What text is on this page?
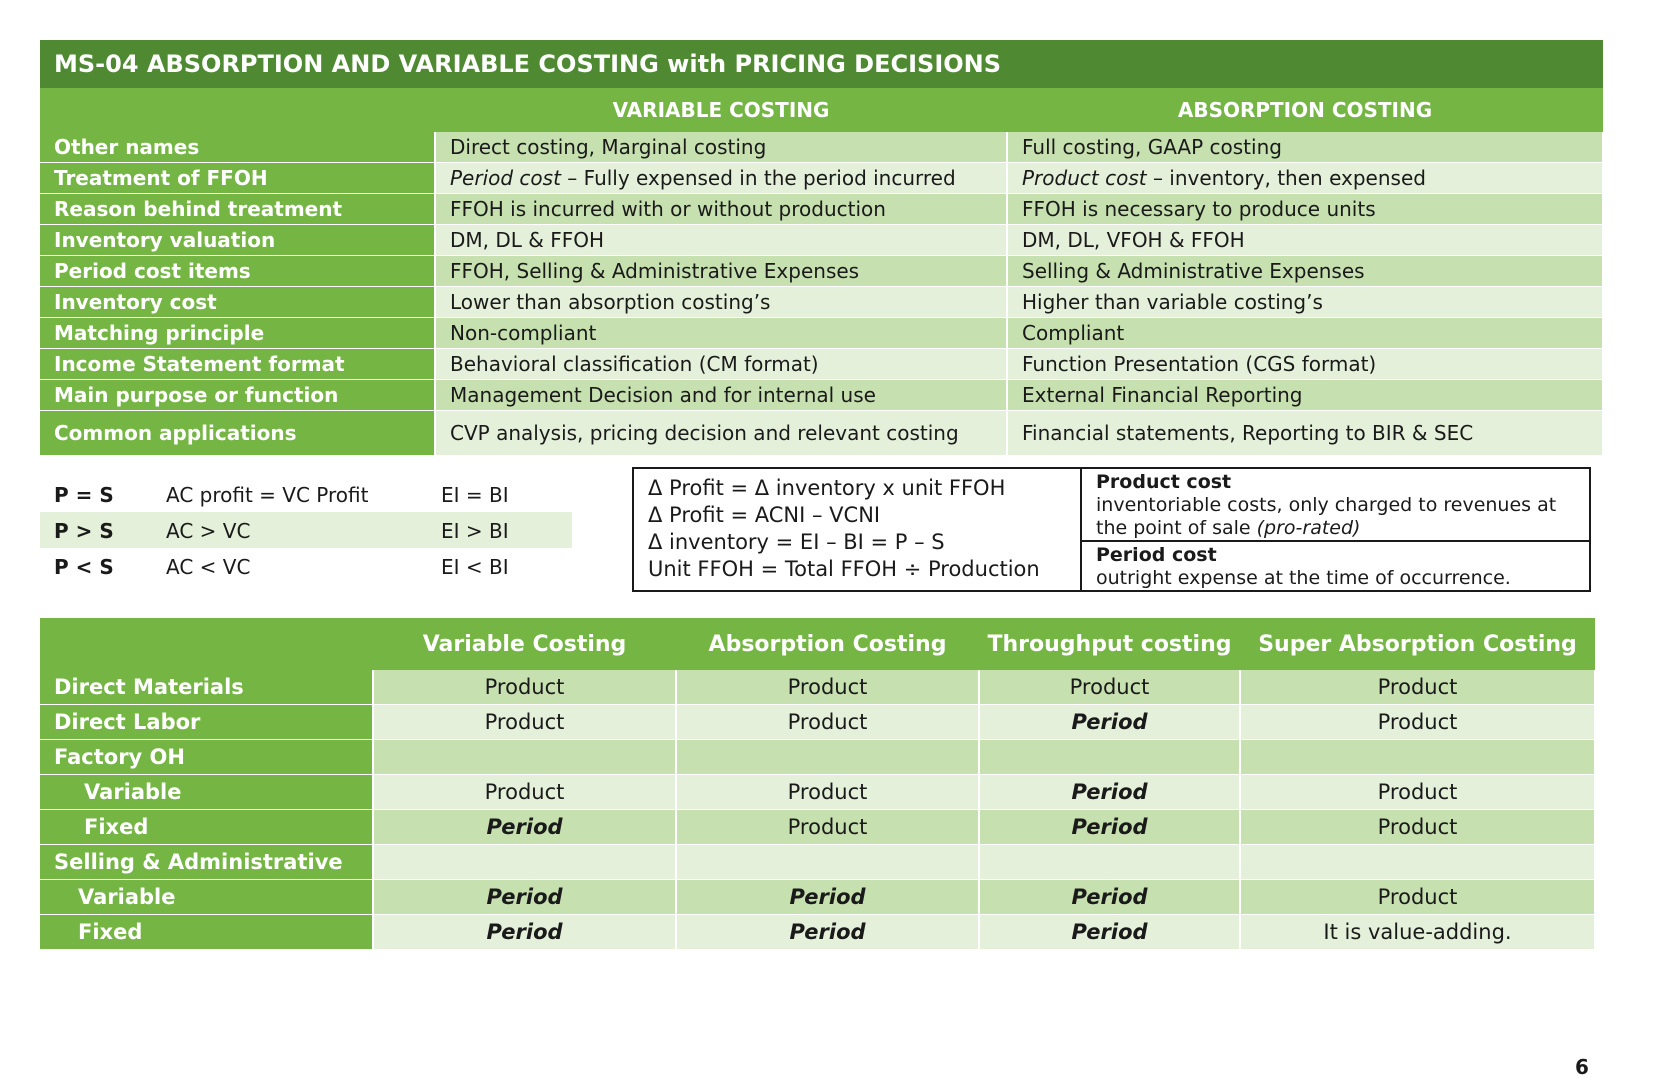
MS-04 ABSORPTION AND VARIABLE COSTING with PRICING DECISIONS
	VARIABLE COSTING	ABSORPTION COSTING
Other names	Direct costing, Marginal costing	Full costing, GAAP costing
Treatment of FFOH	Period cost – Fully expensed in the period incurred	Product cost – inventory, then expensed
Reason behind treatment	FFOH is incurred with or without production	FFOH is necessary to produce units
Inventory valuation	DM, DL & FFOH	DM, DL, VFOH & FFOH
Period cost items	FFOH, Selling & Administrative Expenses	Selling & Administrative Expenses
Inventory cost	Lower than absorption costing’s	Higher than variable costing’s
Matching principle	Non-compliant	Compliant
Income Statement format	Behavioral classification (CM format)	Function Presentation (CGS format)
Main purpose or function	Management Decision and for internal use	External Financial Reporting
Common applications	CVP analysis, pricing decision and relevant costing	Financial statements, Reporting to BIR & SEC
P = S	AC profit = VC Profit	EI = BI
P > S	AC > VC	EI > BI
P < S	AC < VC	EI < BI
Δ Profit = Δ inventory x unit FFOH
Δ Profit = ACNI – VCNI
Δ inventory = EI – BI = P – S
Unit FFOH = Total FFOH ÷ Production
Product cost
inventoriable costs, only charged to revenues at the point of sale (pro-rated)
Period cost
outright expense at the time of occurrence.
	Variable Costing	Absorption Costing	Throughput costing	Super Absorption Costing
Direct Materials	Product	Product	Product	Product
Direct Labor	Product	Product	Period	Product
Factory OH				
Variable	Product	Product	Period	Product
Fixed	Period	Product	Period	Product
Selling & Administrative				
Variable	Period	Period	Period	Product
Fixed	Period	Period	Period	It is value-adding.
6
